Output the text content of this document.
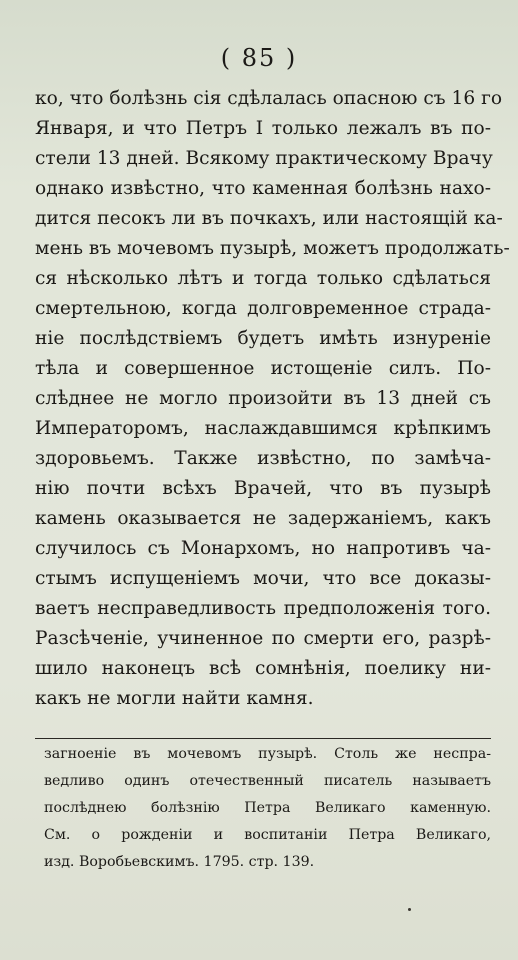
( 85 )
ко, что болѣзнь сія сдѣлалась опасною съ 16 го
Января, и что Петръ I только лежалъ въ по-
стели 13 дней. Всякому практическому Врачу
однако извѣстно, что каменная болѣзнь нахо-
дится песокъ ли въ почкахъ, или настоящій ка-
мень въ мочевомъ пузырѣ, можетъ продолжать-
ся нѣсколько лѣтъ и тогда только сдѣлаться
смертельною, когда долговременное страда-
ніе послѣдствіемъ будетъ имѣть изнуреніе
тѣла и совершенное истощеніе силъ. По-
слѣднее не могло произойти въ 13 дней съ
Императоромъ, наслаждавшимся крѣпкимъ
здоровьемъ. Также извѣстно, по замѣча-
нію почти всѣхъ Врачей, что въ пузырѣ
камень оказывается не задержаніемъ, какъ
случилось съ Монархомъ, но напротивъ ча-
стымъ испущеніемъ мочи, что все доказы-
ваетъ несправедливость предположенія того.
Разсѣченіе, учиненное по смерти его, разрѣ-
шило наконецъ всѣ сомнѣнія, поелику ни-
какъ не могли найти камня.
загноеніе въ мочевомъ пузырѣ. Столь же неспра-
ведливо одинъ отечественный писатель называетъ
послѣднею болѣзнію Петра Великаго каменную.
См. о рожденіи и воспитаніи Петра Великаго,
изд. Воробьевскимъ. 1795. стр. 139.
